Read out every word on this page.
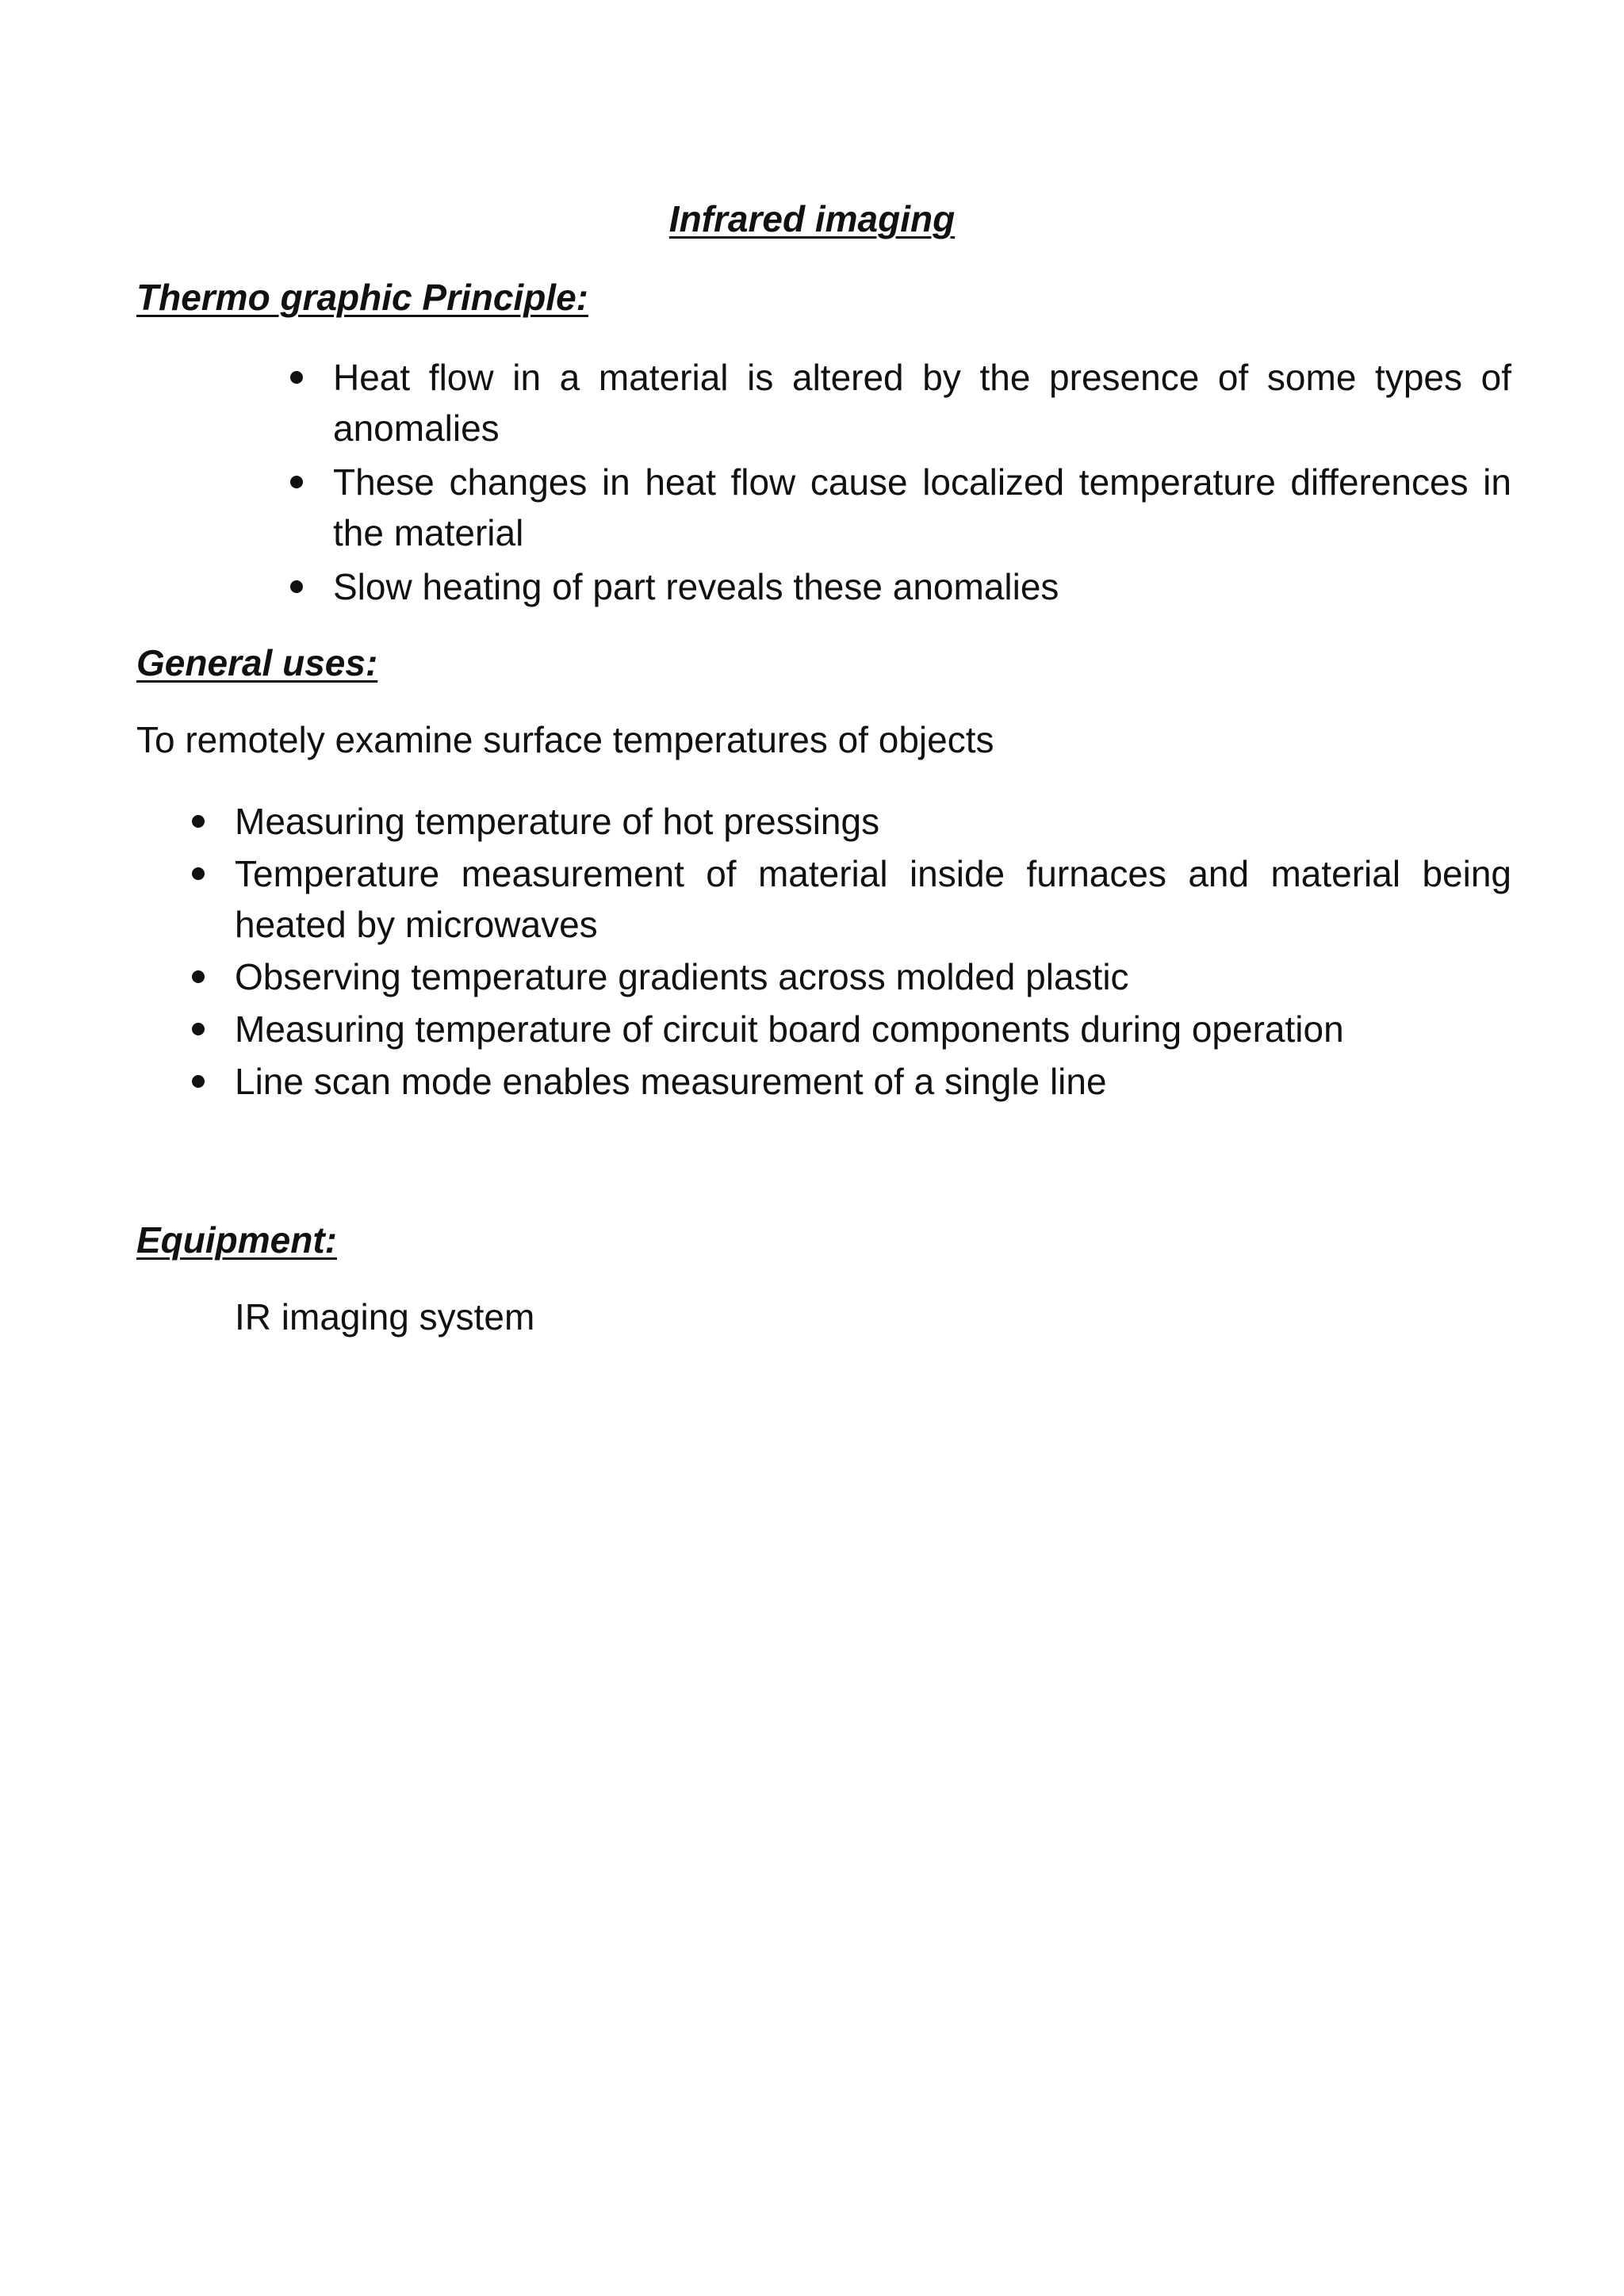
Infrared imaging
Thermo graphic Principle:
Heat flow in a material is altered by the presence of some types of anomalies
These changes in heat flow cause localized temperature differences in the material
Slow heating of part reveals these anomalies
General uses:

To remotely examine surface temperatures of objects

Measuring temperature of hot pressings
Temperature measurement of material inside furnaces and material being heated by microwaves
Observing temperature gradients across molded plastic
Measuring temperature of circuit board components during operation
Line scan mode enables measurement of a single line
Equipment:

IR imaging system
